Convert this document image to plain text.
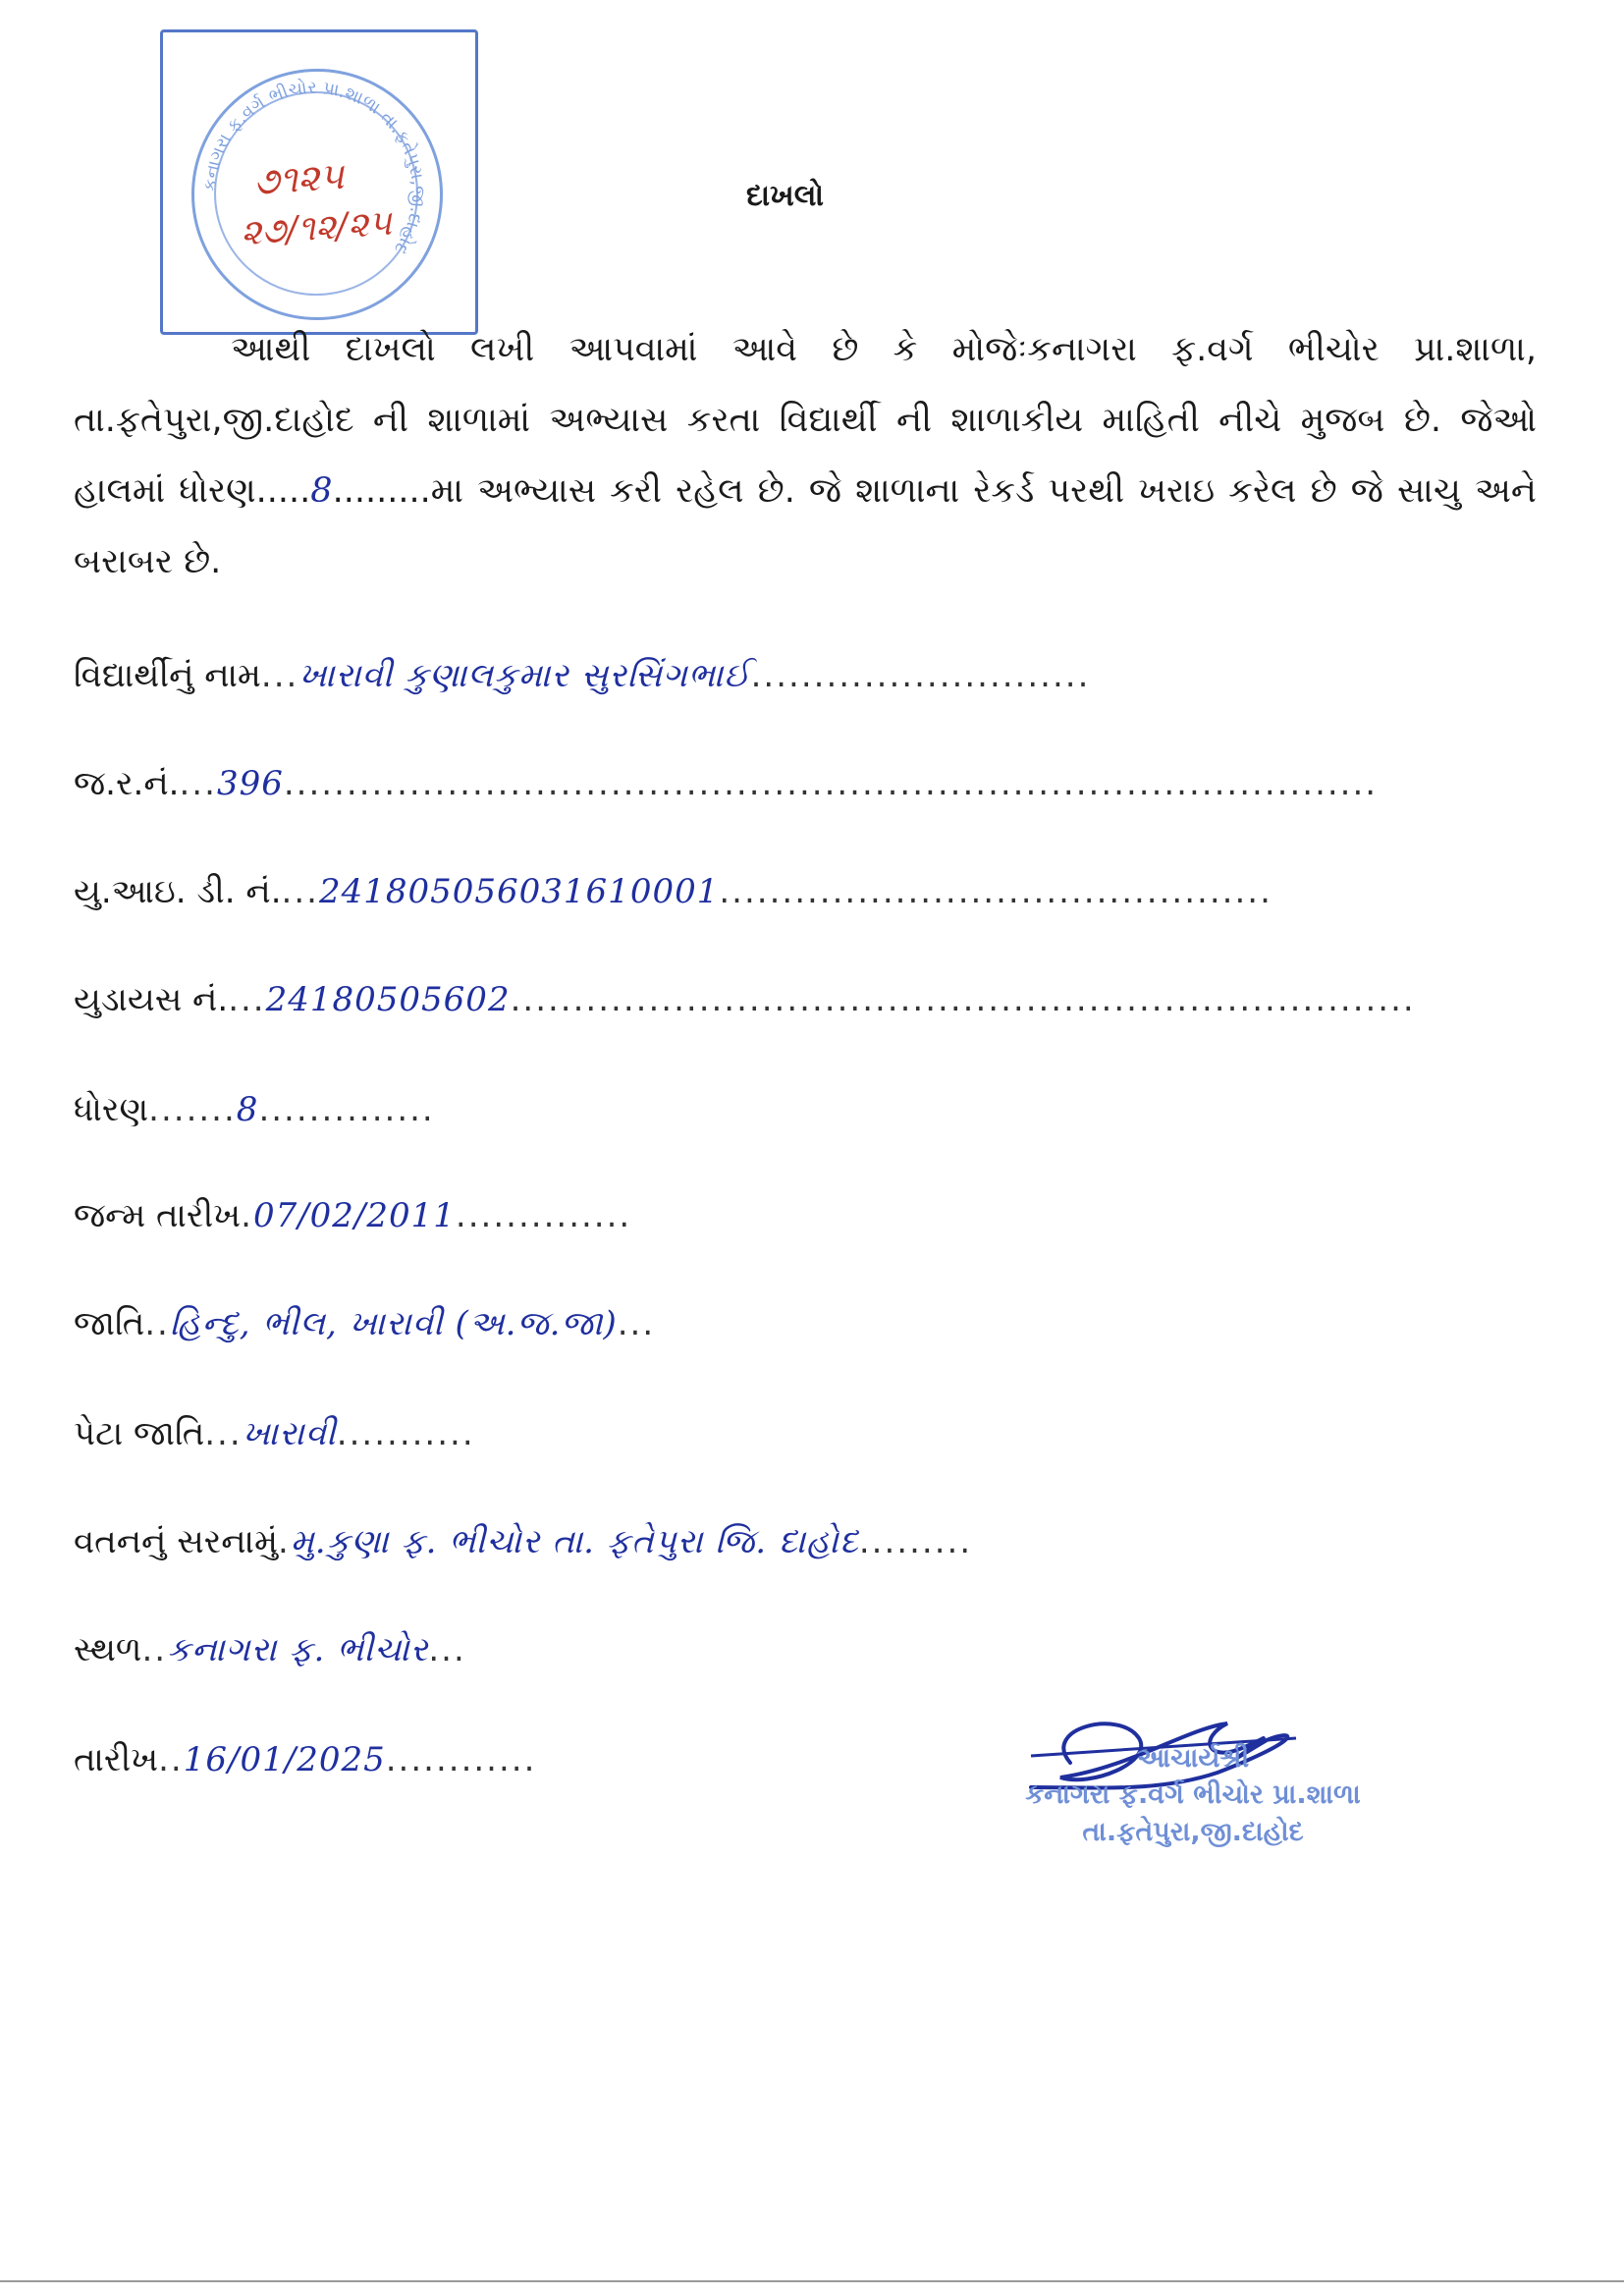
કનાગરા ફ.વર્ગ ભીચોર પ્રા.શાળા તા.ફતેપુરા,જી.દાહોદ
૭૧૨૫
૨૭/૧૨/૨૫
દાખલો
આથી દાખલો લખી આપવામાં આવે છે કે મોજેઃકનાગરા ફ.વર્ગ ભીચોર પ્રા.શાળા, તા.ફતેપુરા,જી.દાહોદ ની શાળામાં અભ્યાસ કરતા વિદ્યાર્થી ની શાળાકીય માહિતી નીચે મુજબ છે. જેઓ હાલમાં ધોરણ.....8.........મા અભ્યાસ કરી રહેલ છે. જે શાળાના રેકર્ડ પરથી ખરાઇ કરેલ છે જે સાચુ અને બરાબર છે.
વિદ્યાર્થીનું નામ ... ખારાવી કુણાલકુમાર સુરસિંગભાઈ ...........................
જ.ર.નં. ... 396 .......................................................................................
યુ.આઇ. ડી. નં. ... 241805056031610001 ............................................
યુડાયસ નં. ... 24180505602 ........................................................................
ધોરણ ....... 8 ..............
જન્મ તારીખ . 07/02/2011 ..............
જાતિ .. હિન્દુ, ભીલ, ખારાવી (અ.જ.જા) ...
પેટા જાતિ ... ખારાવી ...........
વતનનું સરનામું . મુ.કુણા ફ. ભીચોર તા. ફતેપુરા જિ. દાહોદ .........
સ્થળ .. કનાગરા ફ. ભીચોર ...
તારીખ .. 16/01/2025 ............	આચાર્યશ્રી
કનાગરા ફ.વર્ગ ભીચોર પ્રા.શાળા
તા.ફતેપુરા,જી.દાહોદ
